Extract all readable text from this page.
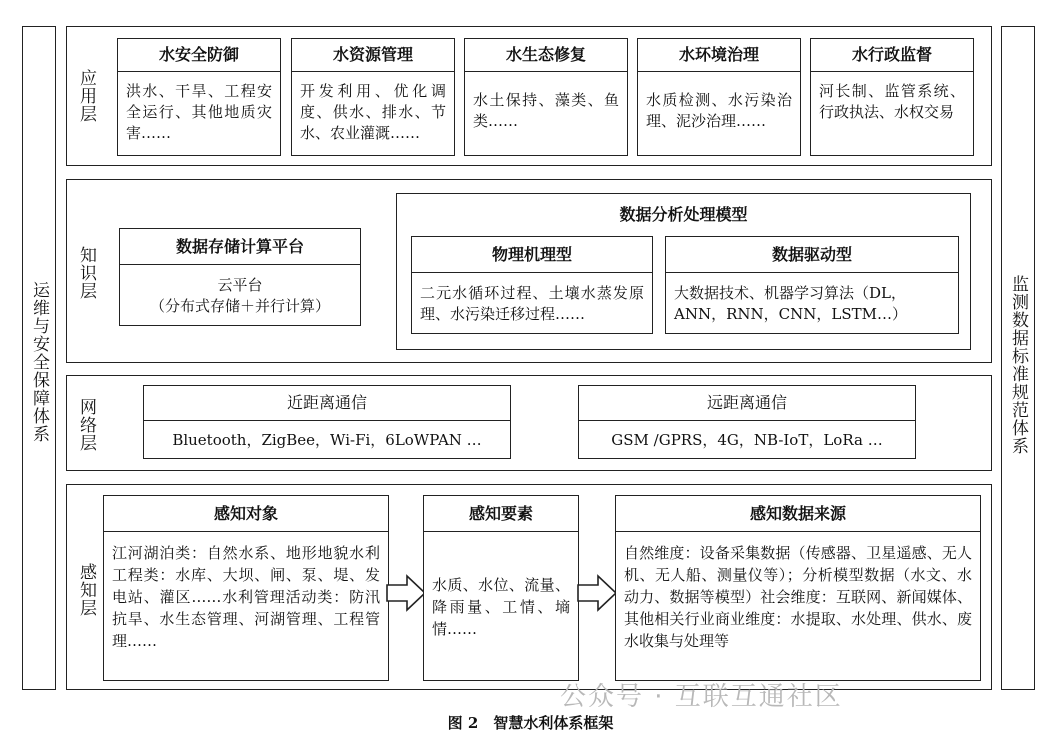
运维与安全保障体系	监测数据标准规范体系
应用层
水安全防御
洪水、干旱、工程安全运行、其他地质灾害……
水资源管理
开发利用、优化调度、供水、排水、节水、农业灌溉……
水生态修复
水土保持、藻类、鱼类……
水环境治理
水质检测、水污染治理、泥沙治理……
水行政监督
河长制、监管系统、行政执法、水权交易
知识层	数据存储计算平台
云平台
（分布式存储＋并行计算）
数据分析处理模型
物理机理型
二元水循环过程、土壤水蒸发原理、水污染迁移过程……
数据驱动型
大数据技术、机器学习算法（DL，
ANN，RNN，CNN，LSTM…）
网络层	近距离通信
Bluetooth，ZigBee，Wi-Fi，6LoWPAN …
远距离通信
GSM /GPRS，4G，NB-IoT，LoRa …
感知层
感知对象
江河湖泊类：自然水系、地形地貌水利工程类：水库、大坝、闸、泵、堤、发电站、灌区……水利管理活动类：防汛抗旱、水生态管理、河湖管理、工程管理……
感知要素
水质、水位、流量、降雨量、工情、墒情……
感知数据来源
自然维度：设备采集数据（传感器、卫星遥感、无人机、无人船、测量仪等）；分析模型数据（水文、水动力、数据等模型）社会维度：互联网、新闻媒体、其他相关行业商业维度：水提取、水处理、供水、废水收集与处理等
公众号 · 互联互通社区
图 2　智慧水利体系框架
